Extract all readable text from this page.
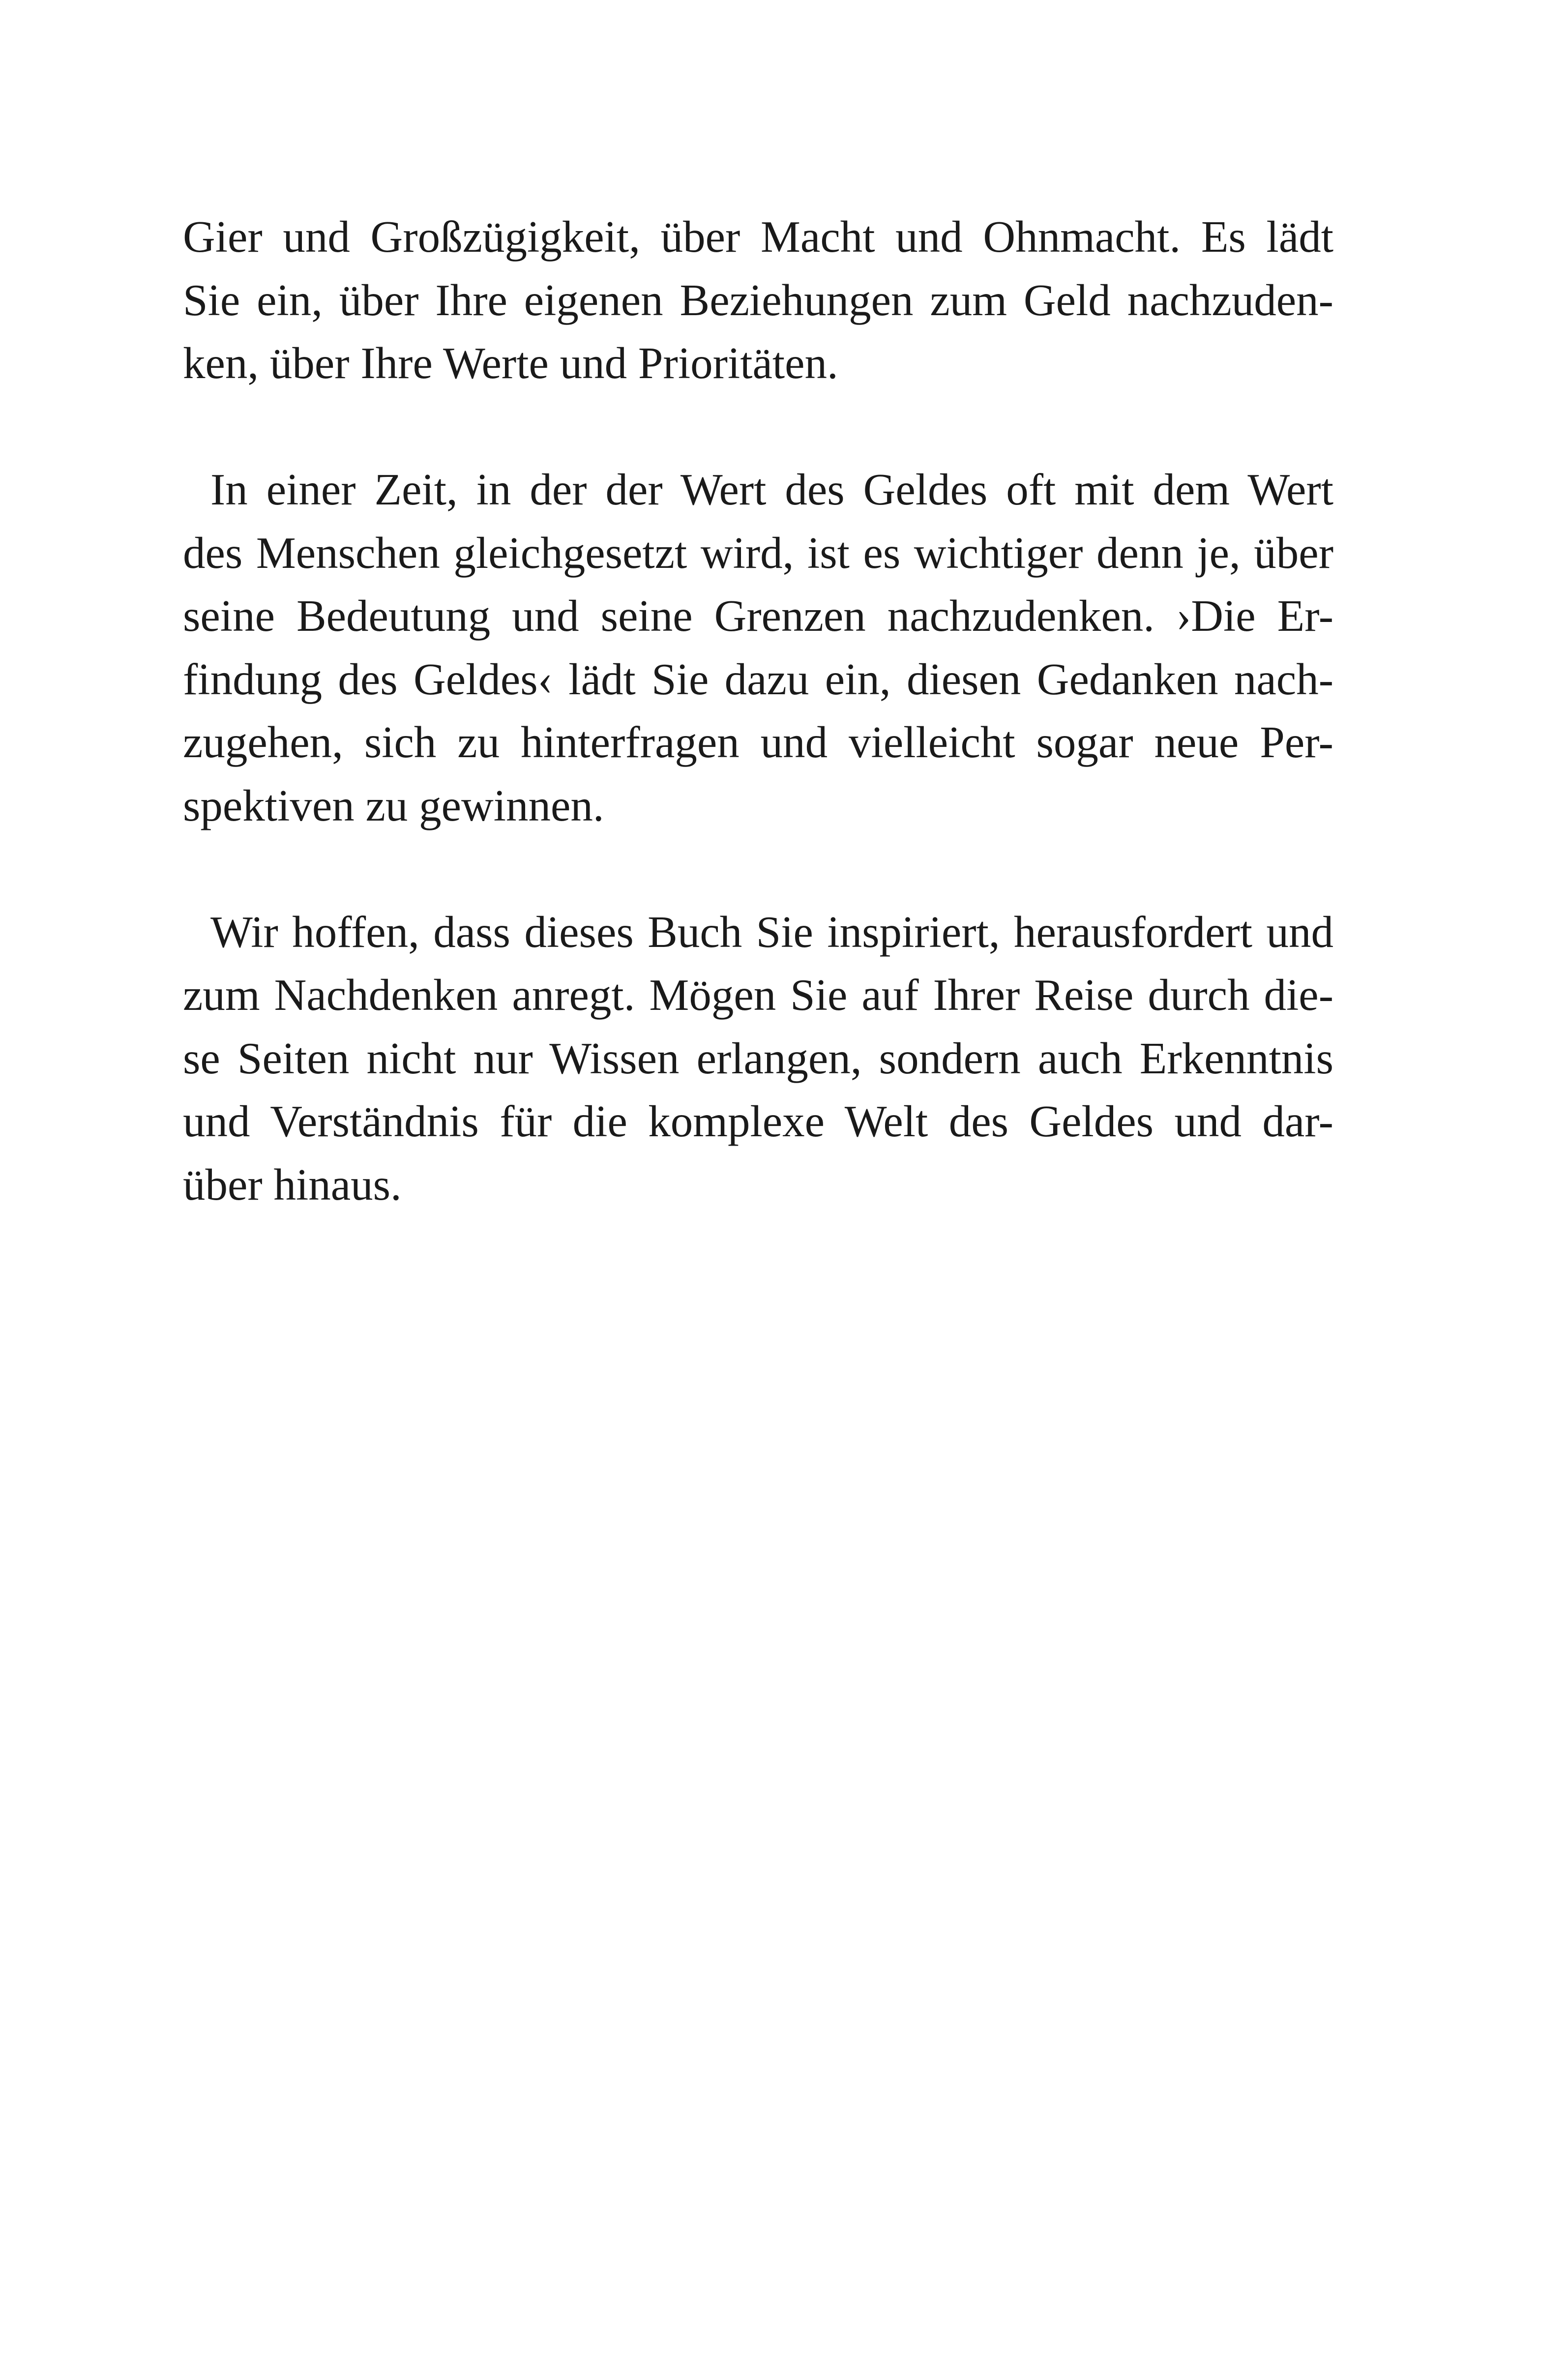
Gier und Großzügigkeit, über Macht und Ohnmacht. Es lädt
Sie ein, über Ihre eigenen Beziehungen zum Geld nachzuden-
ken, über Ihre Werte und Prioritäten.
In einer Zeit, in der der Wert des Geldes oft mit dem Wert
des Menschen gleichgesetzt wird, ist es wichtiger denn je, über
seine Bedeutung und seine Grenzen nachzudenken. ›Die Er-
findung des Geldes‹ lädt Sie dazu ein, diesen Gedanken nach-
zugehen, sich zu hinterfragen und vielleicht sogar neue Per-
spektiven zu gewinnen.
Wir hoffen, dass dieses Buch Sie inspiriert, herausfordert und
zum Nachdenken anregt. Mögen Sie auf Ihrer Reise durch die-
se Seiten nicht nur Wissen erlangen, sondern auch Erkenntnis
und Verständnis für die komplexe Welt des Geldes und dar-
über hinaus.
